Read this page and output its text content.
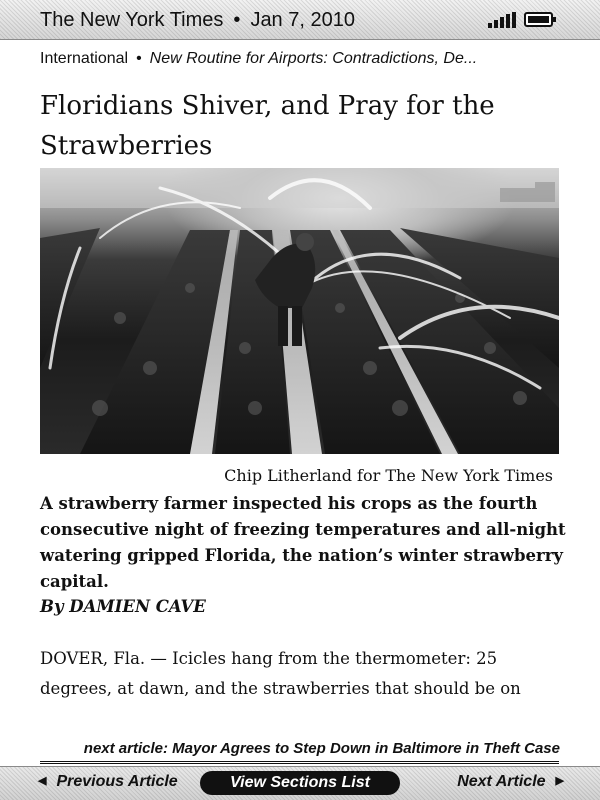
The New York Times • Jan 7, 2010
International • New Routine for Airports: Contradictions, De...
Floridians Shiver, and Pray for the Strawberries
Chip Litherland for The New York Times
A strawberry farmer inspected his crops as the fourth consecutive night of freezing temperatures and all-night watering gripped Florida, the nation’s winter strawberry capital.
By DAMIEN CAVE
DOVER, Fla. — Icicles hang from the thermometer: 25 degrees, at dawn, and the strawberries that should be on
next article: Mayor Agrees to Step Down in Baltimore in Theft Case
◀ Previous Article	View Sections List	Next Article ▶
